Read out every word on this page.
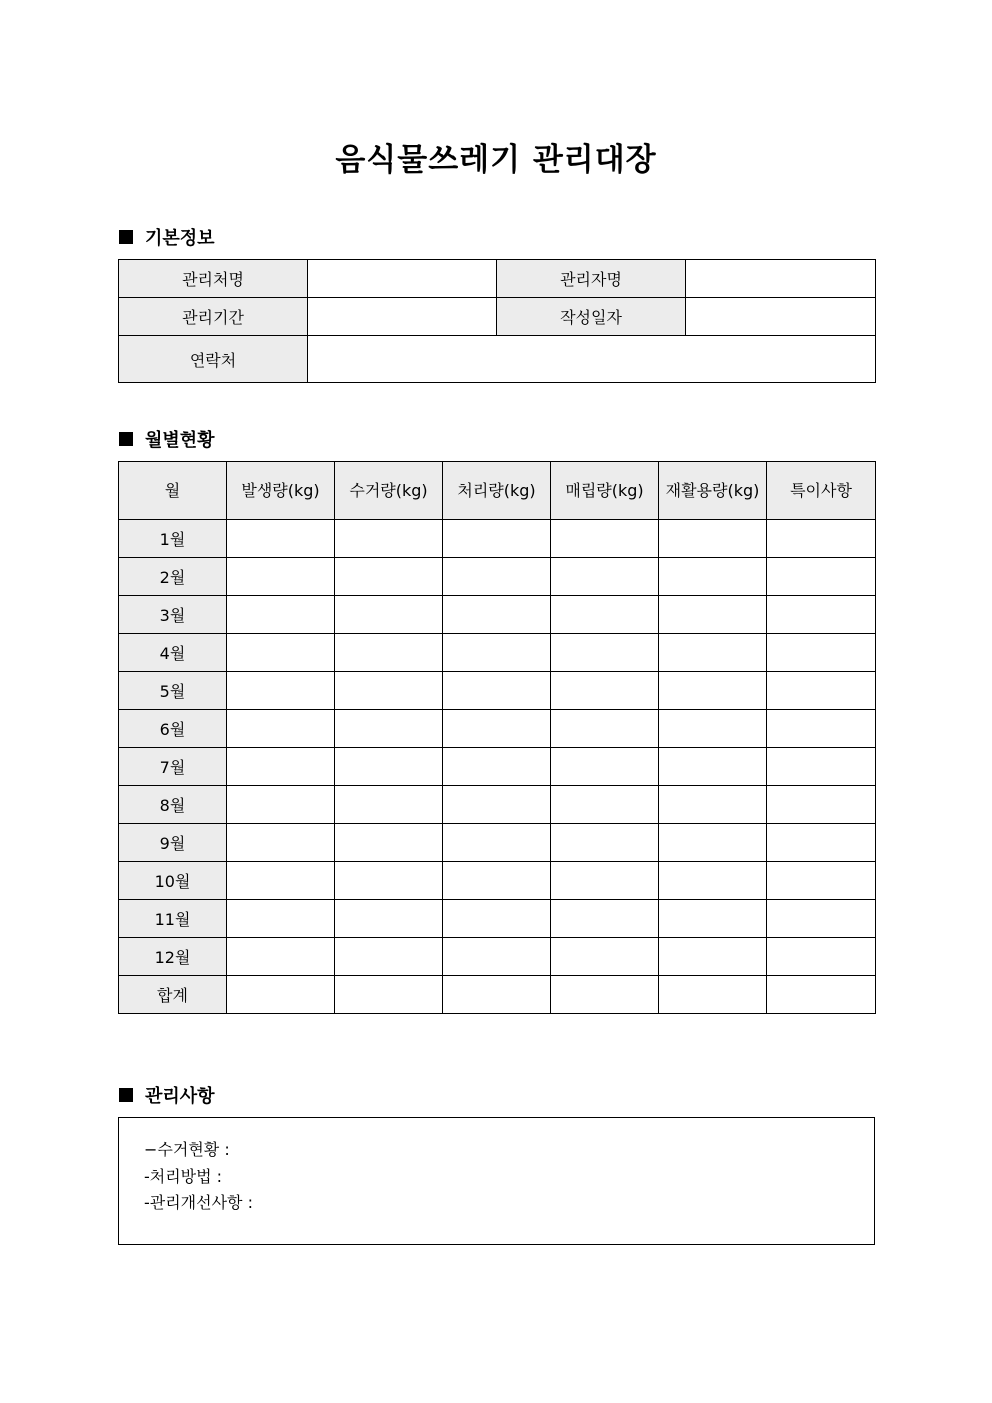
음식물쓰레기 관리대장
기본정보
관리처명		관리자명	
관리기간		작성일자	
연락처			
월별현황
월	발생량(kg)	수거량(kg)	처리량(kg)	매립량(kg)	재활용량(kg)	특이사항
1월						
2월						
3월						
4월						
5월						
6월						
7월						
8월						
9월						
10월						
11월						
12월						
합계						
관리사항
−수거현황 :
-처리방법 :
-관리개선사항 :
